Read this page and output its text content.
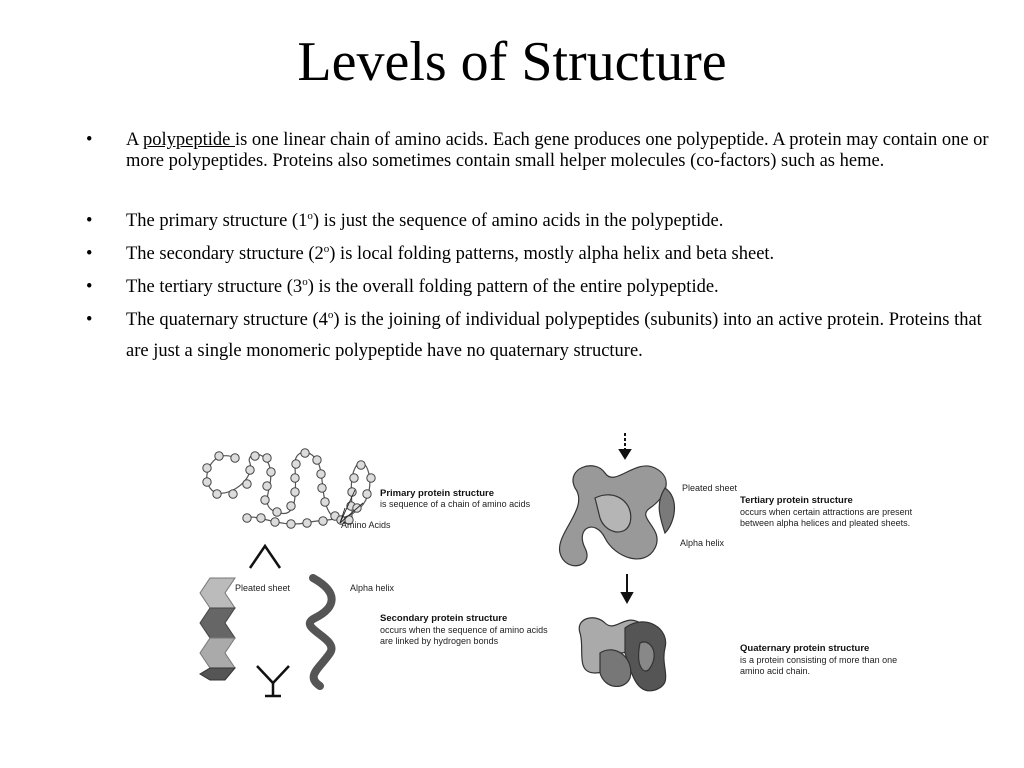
Levels of Structure
• A polypeptide is one linear chain of amino acids. Each gene produces one polypeptide. A protein may contain one or more polypeptides. Proteins also sometimes contain small helper molecules (co-factors) such as heme.
• The primary structure (1$^o$) is just the sequence of amino acids in the polypeptide.
• The secondary structure (2$^o$) is local folding patterns, mostly alpha helix and beta sheet.
• The tertiary structure (3$^o$) is the overall folding pattern of the entire polypeptide.
• The quaternary structure (4$^o$) is the joining of individual polypeptides (subunits) into an active protein. Proteins that are just a single monomeric polypeptide have no quaternary structure.
Amino Acids
Primary protein structure
is sequence of a chain of amino acids
Pleated sheet	Alpha helix
Secondary protein structure
occurs when the sequence of amino acids
are linked by hydrogen bonds
Pleated sheet
Alpha helix
Tertiary protein structure
occurs when certain attractions are present
between alpha helices and pleated sheets.
Quaternary protein structure
is a protein consisting of more than one
amino acid chain.
